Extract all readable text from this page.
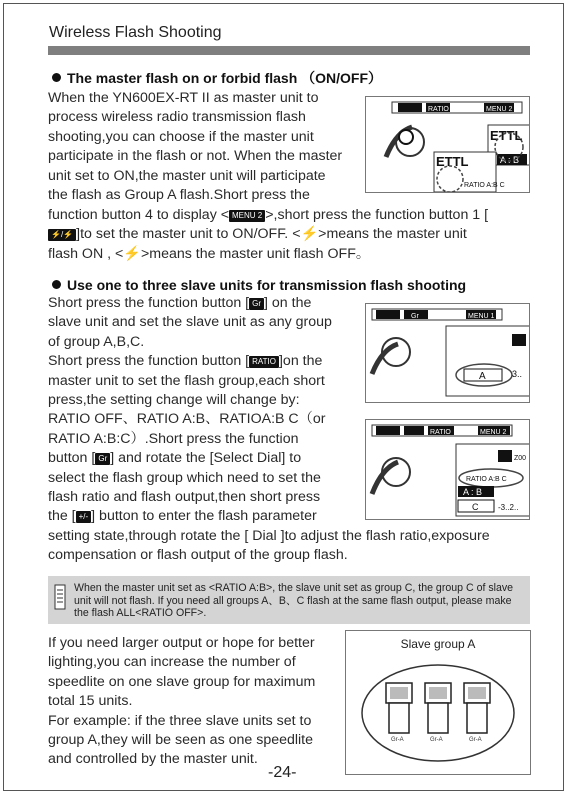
Wireless Flash Shooting
The master flash on or forbid flash （ON/OFF）
When the YN600EX-RT II as master unit to
process wireless radio transmission flash
shooting,you can choose if the master unit
participate in the flash or not. When the master
unit set to ON,the master unit will participate
the flash as Group A flash.Short press the
function button 4 to display < MENU 2 >,short press the function button 1 [
⚡/⚡ ]to set the master unit to ON/OFF. <⚡>means the master unit
flash ON , <⚡>means the master unit flash OFF。
RATIO	MENU 2
ETTL
A : B
ETTL
RATIO A:B C
Use one to three slave units for transmission flash shooting
Short press the function button [ Gr ] on the
slave unit and set the slave unit as any group
of group A,B,C.
Short press the function button [ RATIO ]on the
master unit to set the flash group,each short
press,the setting change will change by:
RATIO OFF、RATIO A:B、RATIOA:B C（or
RATIO A:B:C）.Short press the function
button [ Gr ] and rotate the [Select Dial] to
select the flash group which need to set the
flash ratio and flash output,then short press
the [ +/- ] button to enter the flash parameter
setting state,through rotate the [ Dial ]to adjust the flash ratio,exposure
compensation or flash output of the group flash.
Gr	MENU 1
A	3..
RATIO	MENU 2
Z00
RATIO A:B C
A : B
C -3..2..
When the master unit set as <RATIO A:B>, the slave unit set as group C, the group C of slave unit will not flash. If you need all groups A、B、C flash at the same flash output, please make the flash ALL<RATIO OFF>.
If you need larger output or hope for better
lighting,you can increase the number of
speedlite on one slave group for maximum
total 15 units.
For example: if the three slave units set to
group A,they will be seen as one speedlite
and controlled by the master unit.
Slave group A
Gr-A	Gr-A	Gr-A
-24-
